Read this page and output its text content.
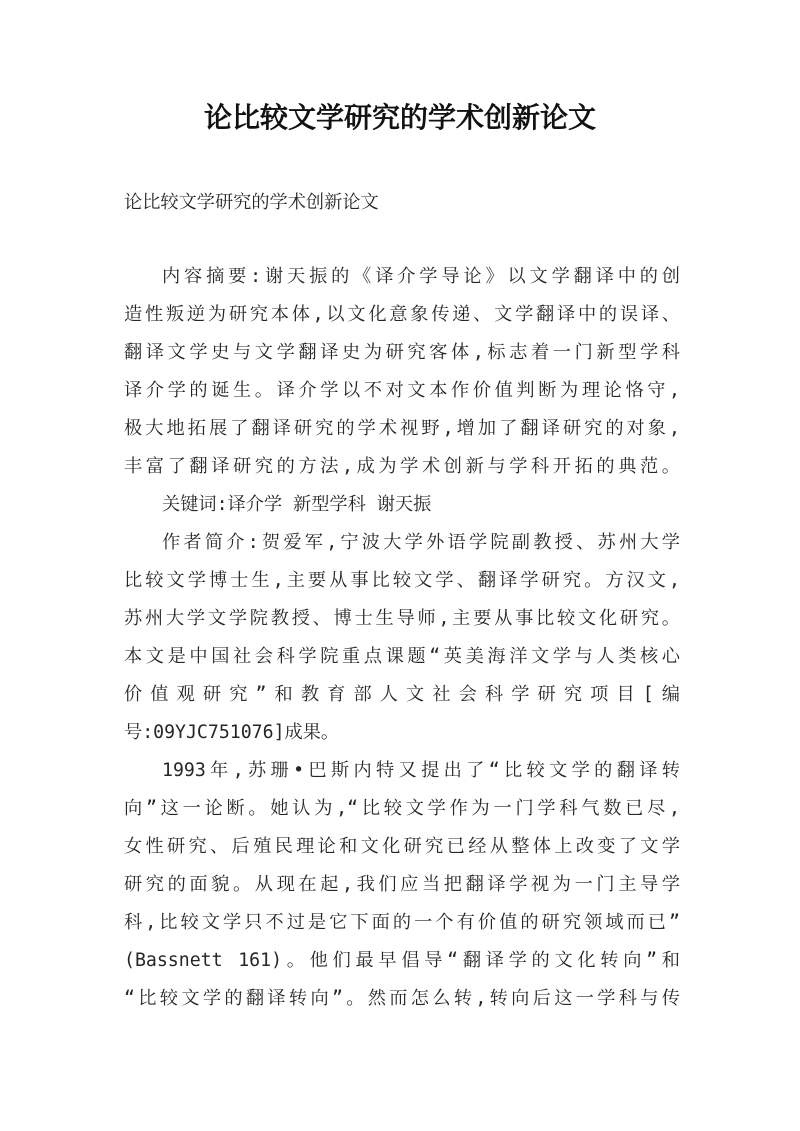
论比较文学研究的学术创新论文
论比较文学研究的学术创新论文
内容摘要:谢天振的《译介学导论》以文学翻译中的创
造性叛逆为研究本体,以文化意象传递、文学翻译中的误译、
翻译文学史与文学翻译史为研究客体,标志着一门新型学科
译介学的诞生。译介学以不对文本作价值判断为理论恪守,
极大地拓展了翻译研究的学术视野,增加了翻译研究的对象,
丰富了翻译研究的方法,成为学术创新与学科开拓的典范。
关键词:译介学 新型学科 谢天振
作者简介:贺爱军,宁波大学外语学院副教授、苏州大学
比较文学博士生,主要从事比较文学、翻译学研究。方汉文,
苏州大学文学院教授、博士生导师,主要从事比较文化研究。
本文是中国社会科学院重点课题“英美海洋文学与人类核心
价值观研究”和教育部人文社会科学研究项目[编
号:09YJC751076]成果。
1993年,苏珊•巴斯内特又提出了“比较文学的翻译转
向”这一论断。她认为,“比较文学作为一门学科气数已尽,
女性研究、后殖民理论和文化研究已经从整体上改变了文学
研究的面貌。从现在起,我们应当把翻译学视为一门主导学
科,比较文学只不过是它下面的一个有价值的研究领域而已”
(Bassnett 161)。他们最早倡导“翻译学的文化转向”和
“比较文学的翻译转向”。然而怎么转,转向后这一学科与传
